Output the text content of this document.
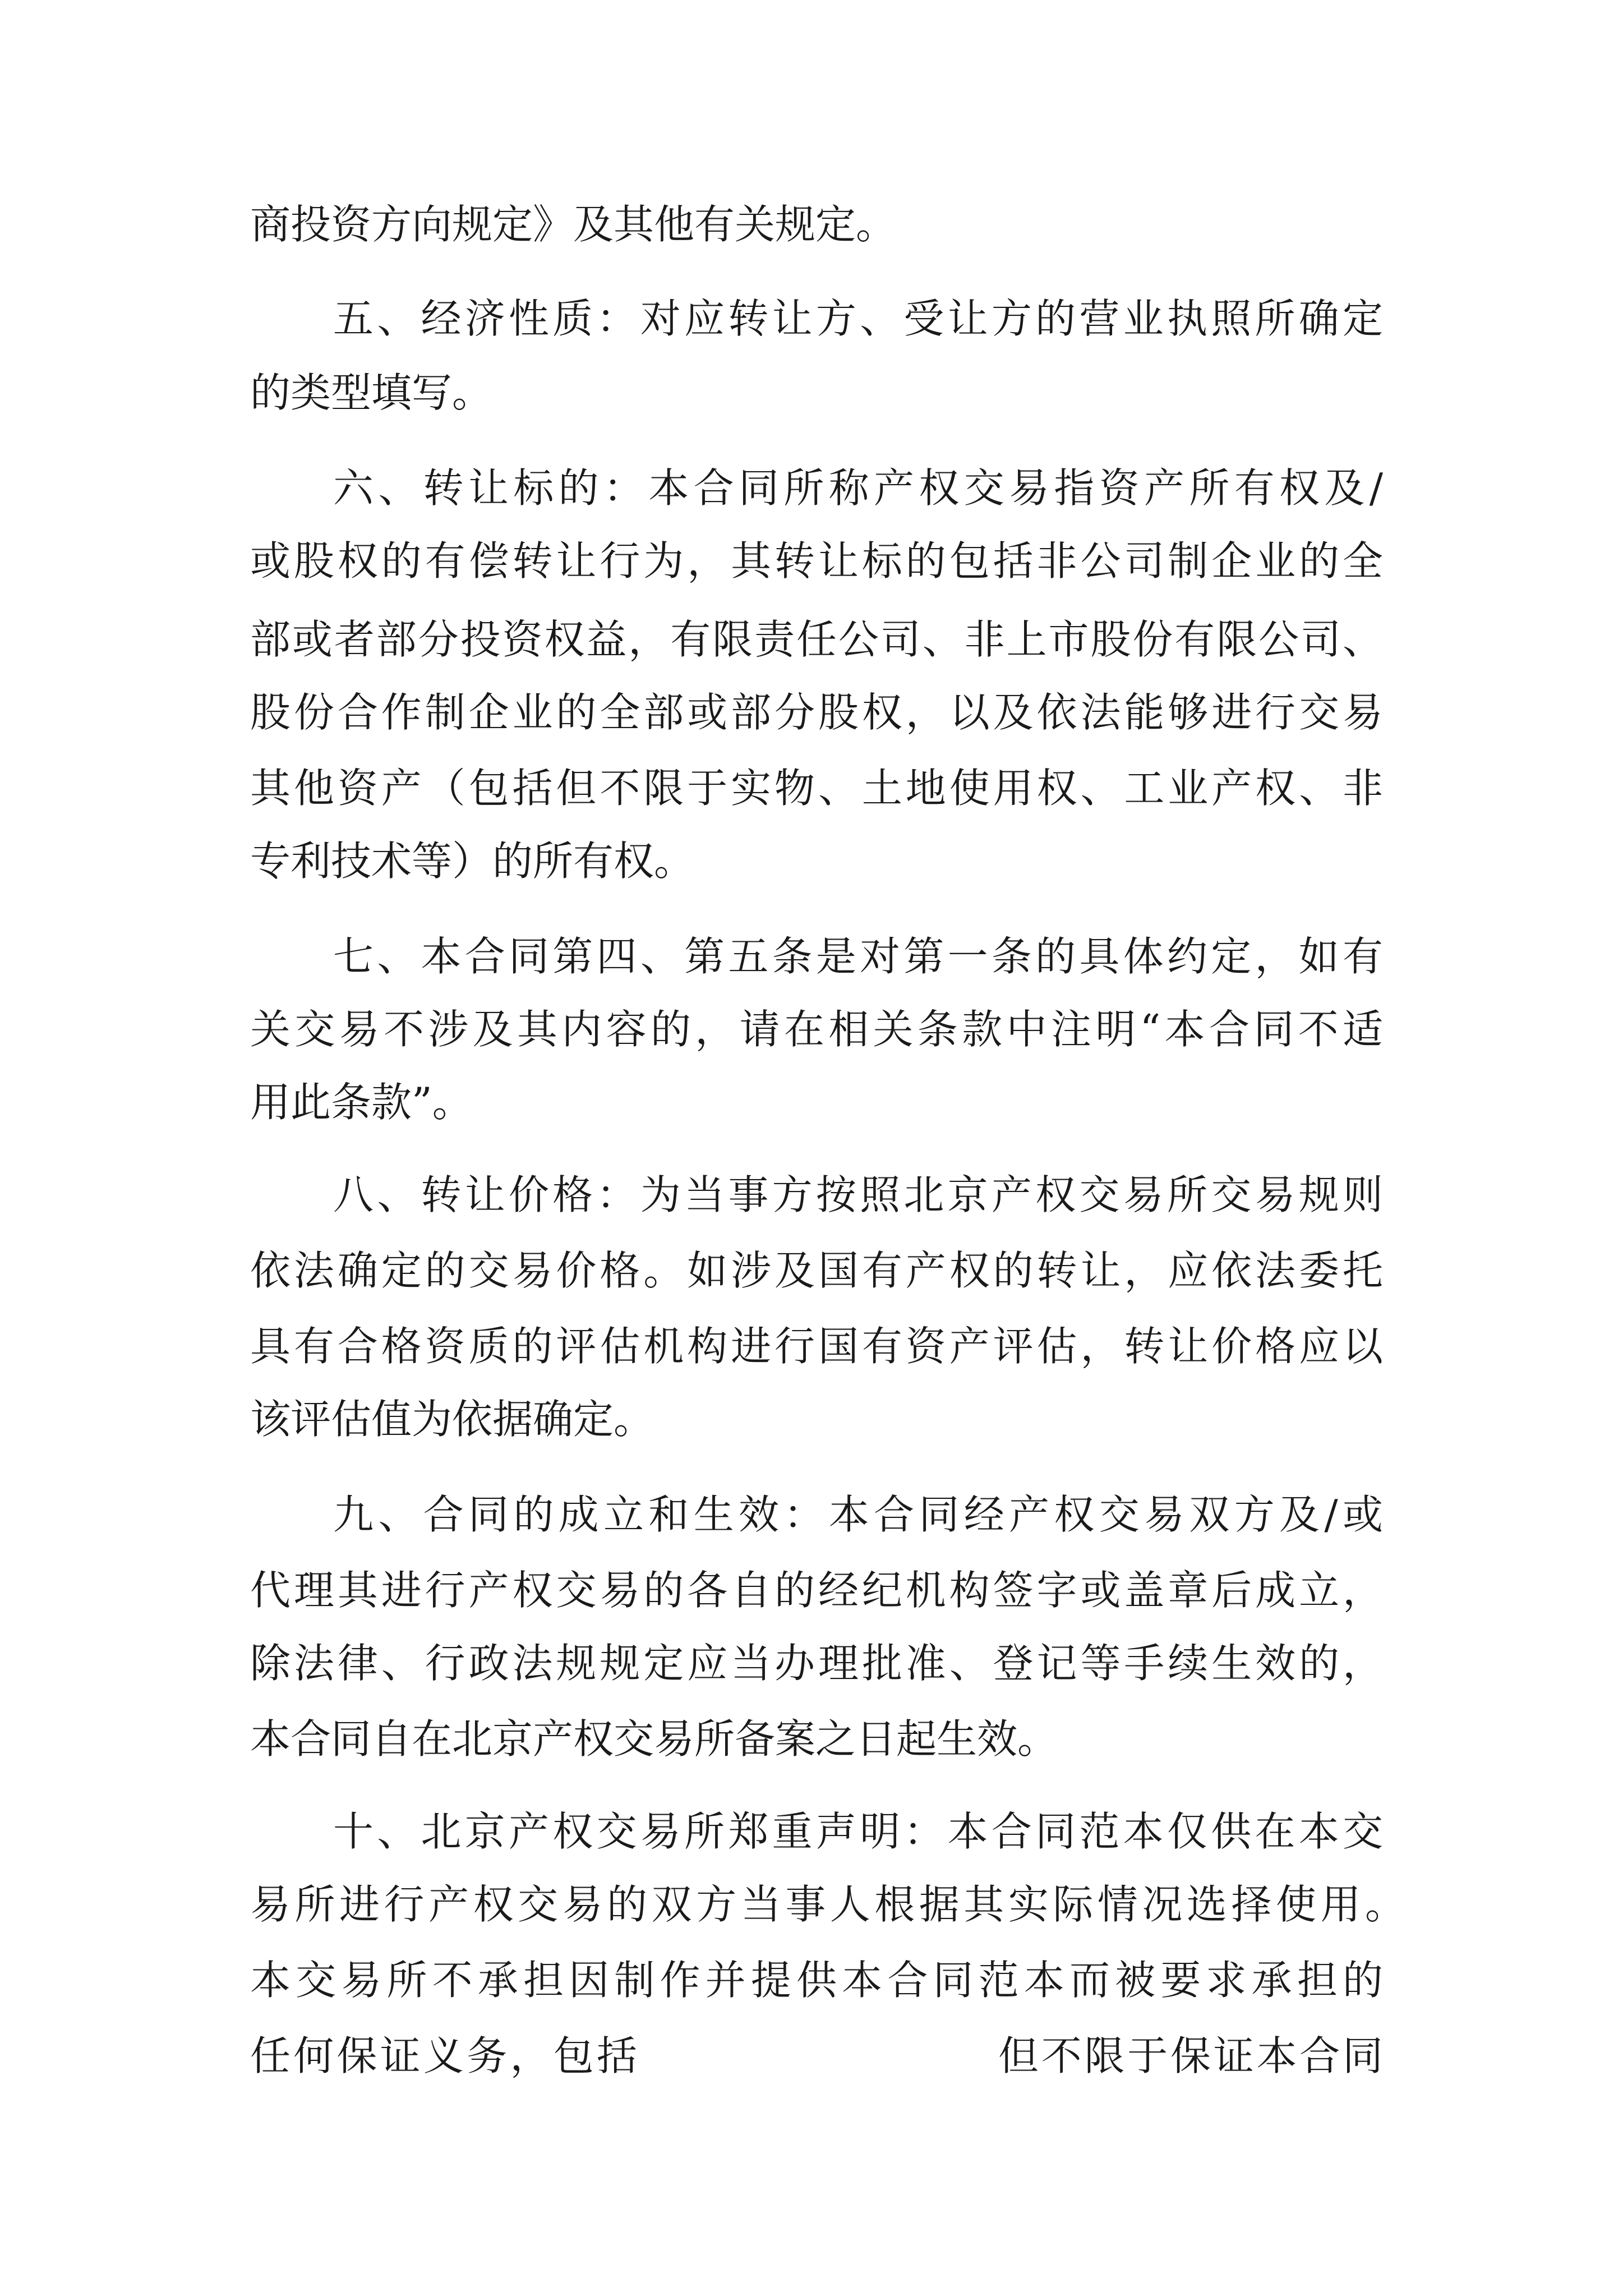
商投资方向规定》及其他有关规定。
五、经济性质：对应转让方、受让方的营业执照所确定
的类型填写。
六、转让标的：本合同所称产权交易指资产所有权及/
或股权的有偿转让行为，其转让标的包括非公司制企业的全
部或者部分投资权益，有限责任公司、非上市股份有限公司、
股份合作制企业的全部或部分股权，以及依法能够进行交易
其他资产（包括但不限于实物、土地使用权、工业产权、非
专利技术等）的所有权。
七、本合同第四、第五条是对第一条的具体约定，如有
关交易不涉及其内容的，请在相关条款中注明“本合同不适
用此条款”。
八、转让价格：为当事方按照北京产权交易所交易规则
依法确定的交易价格。如涉及国有产权的转让，应依法委托
具有合格资质的评估机构进行国有资产评估，转让价格应以
该评估值为依据确定。
九、合同的成立和生效：本合同经产权交易双方及/或
代理其进行产权交易的各自的经纪机构签字或盖章后成立，
除法律、行政法规规定应当办理批准、登记等手续生效的，
本合同自在北京产权交易所备案之日起生效。
十、北京产权交易所郑重声明：本合同范本仅供在本交
易所进行产权交易的双方当事人根据其实际情况选择使用。
本交易所不承担因制作并提供本合同范本而被要求承担的
任何保证义务，包括	但不限于保证本合同
